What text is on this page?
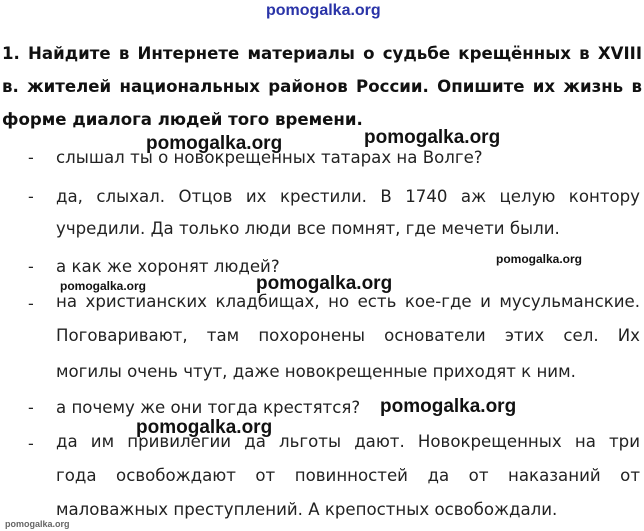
pomogalka.org

1. Найдите в Интернете материалы о судьбе крещённых в XVIII в. жителей национальных районов России. Опишите их жизнь в форме диалога людей того времени.

- слышал ты о новокрещенных татарах на Волге?
- да, слыхал. Отцов их крестили. В 1740 аж целую контору
учредили. Да только люди все помнят, где мечети были.
- а как же хоронят людей?
- на христианских кладбищах, но есть кое-где и мусульманские.
Поговаривают, там похоронены основатели этих сел. Их
могилы очень чтут, даже новокрещенные приходят к ним.
- а почему же они тогда крестятся?
- да им привилегии да льготы дают. Новокрещенных на три
года освобождают от повинностей да от наказаний от
маловажных преступлений. А крепостных освобождали.
pomogalka.org	pomogalka.org
pomogalka.org
pomogalka.org
pomogalka.org
pomogalka.org
pomogalka.org
pomogalka.org
